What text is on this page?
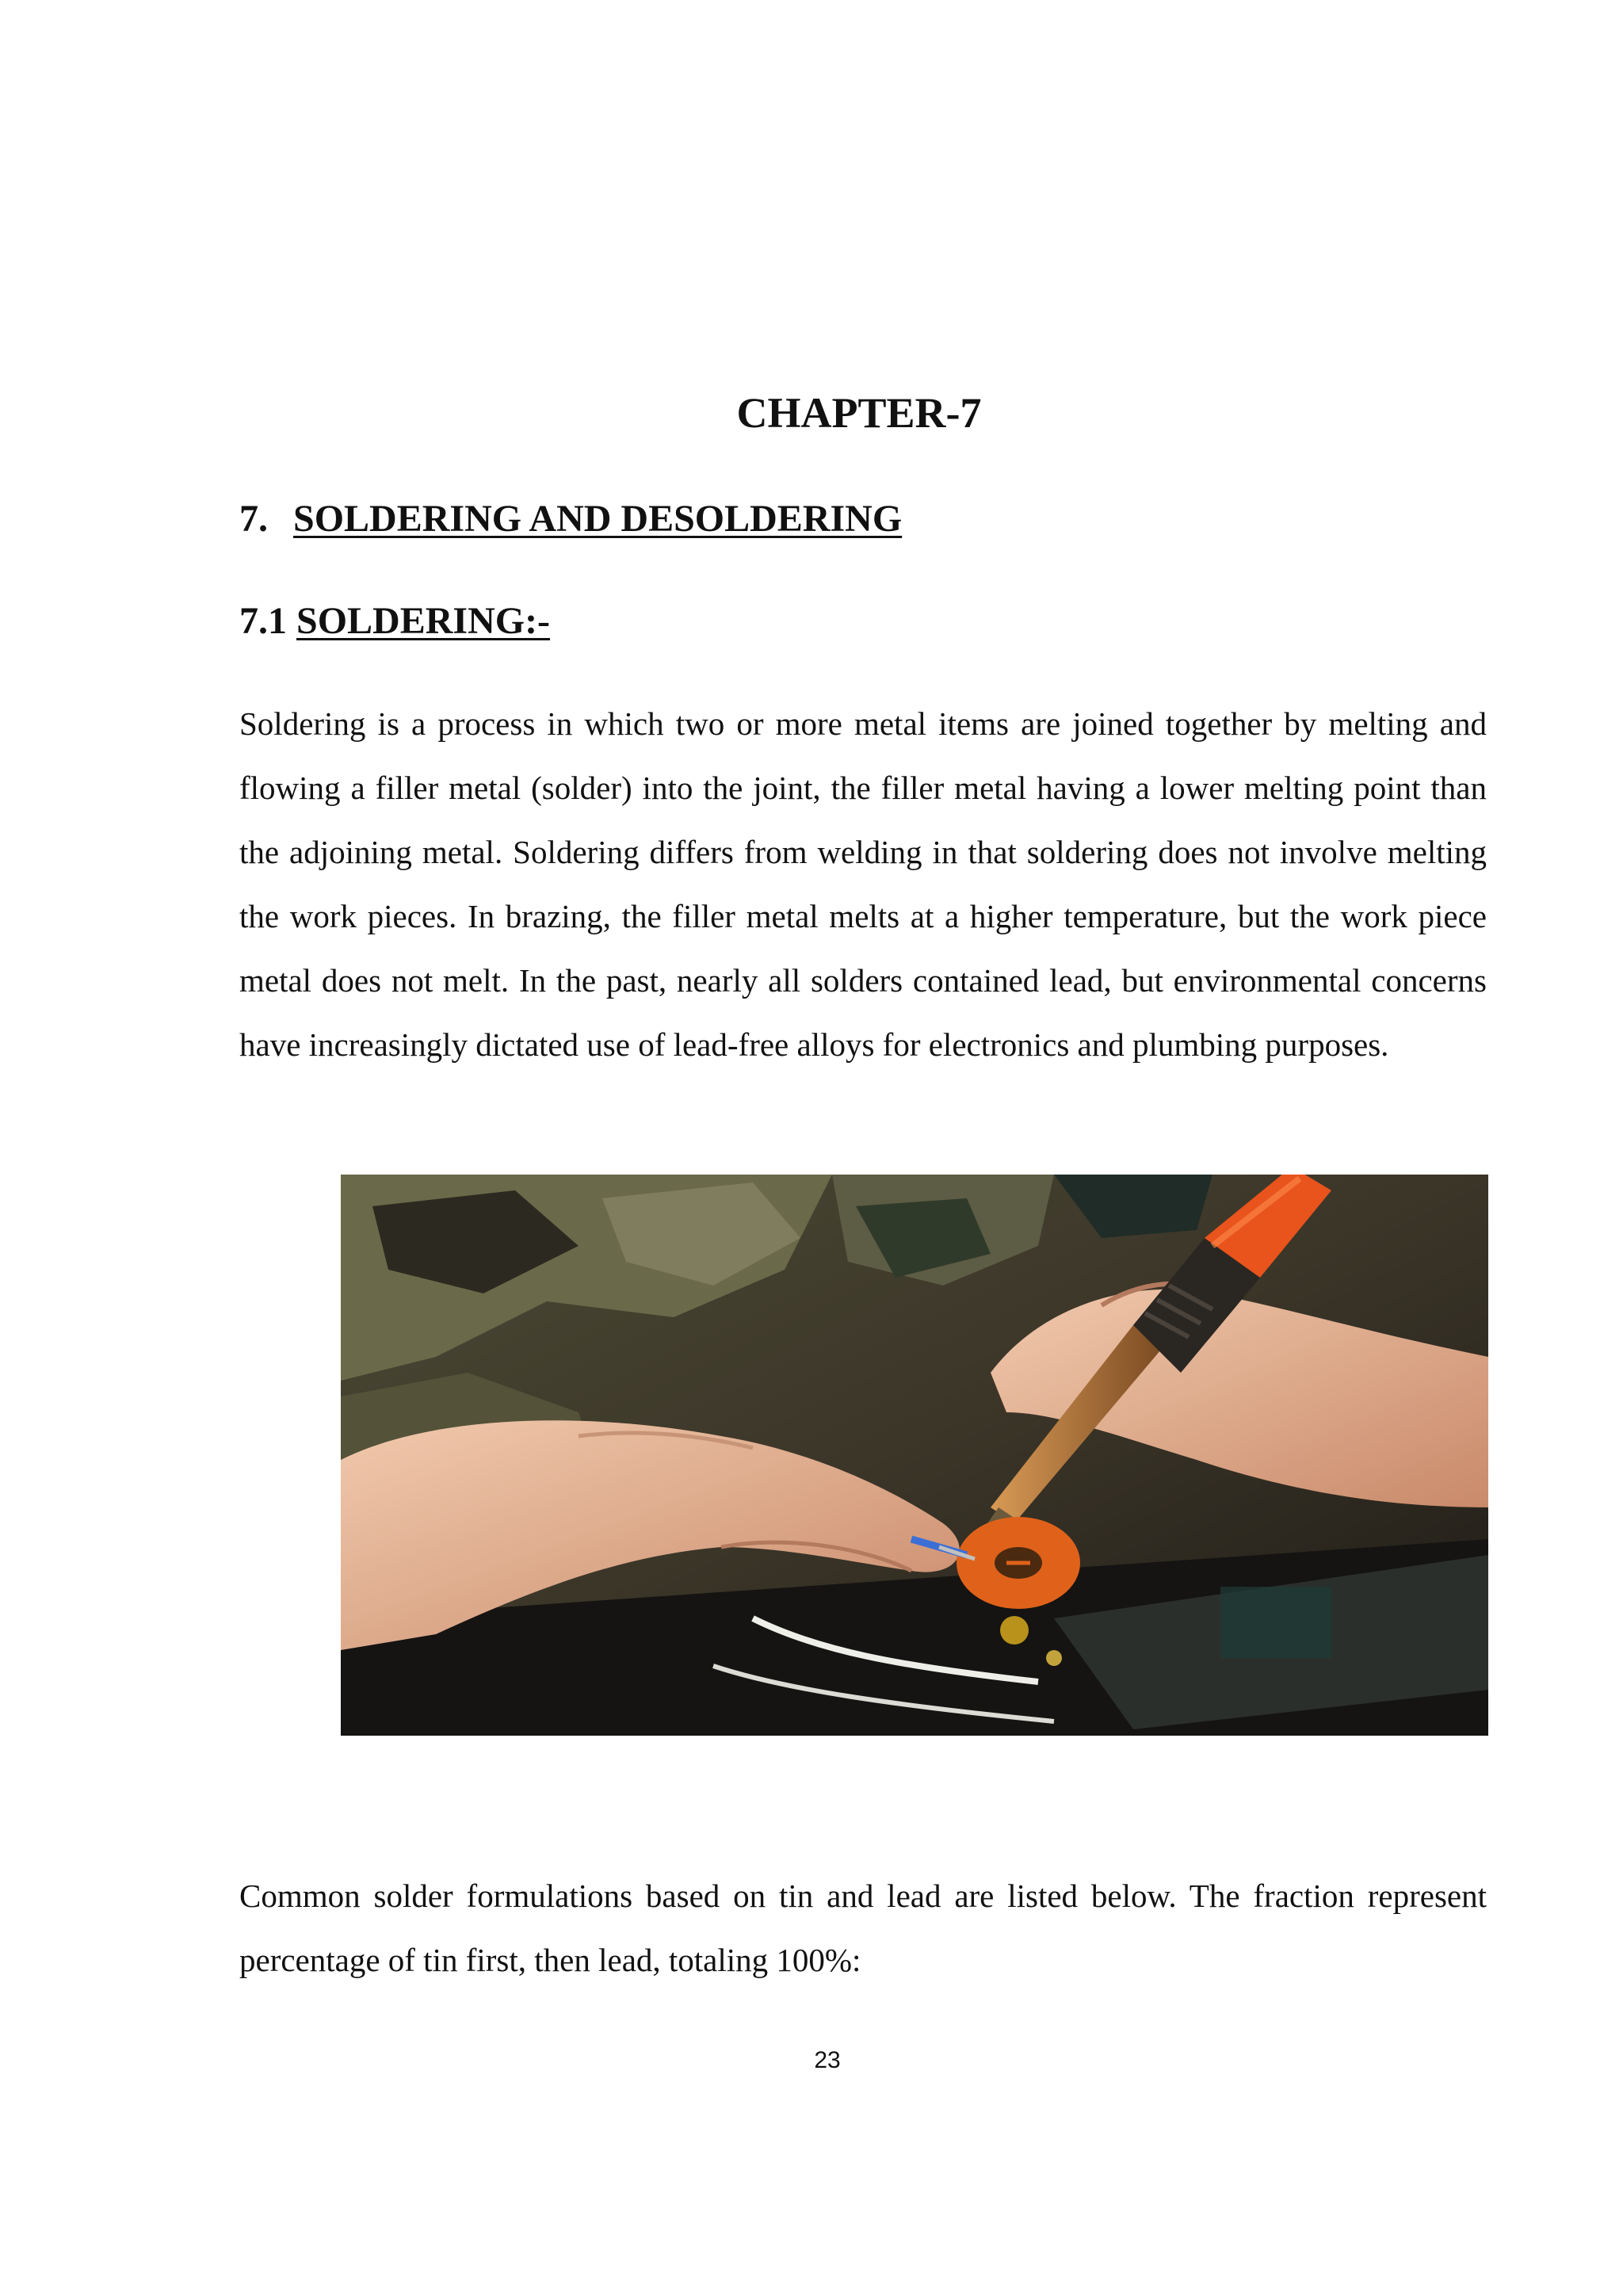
CHAPTER-7
7. SOLDERING AND DESOLDERING
7.1 SOLDERING:-

Soldering is a process in which two or more metal items are joined together by melting and flowing a filler metal (solder) into the joint, the filler metal having a lower melting point than the adjoining metal. Soldering differs from welding in that soldering does not involve melting the work pieces. In brazing, the filler metal melts at a higher temperature, but the work piece metal does not melt. In the past, nearly all solders contained lead, but environmental concerns have increasingly dictated use of lead-free alloys for electronics and plumbing purposes.

Common solder formulations based on tin and lead are listed below. The fraction represent percentage of tin first, then lead, totaling 100%:

23
